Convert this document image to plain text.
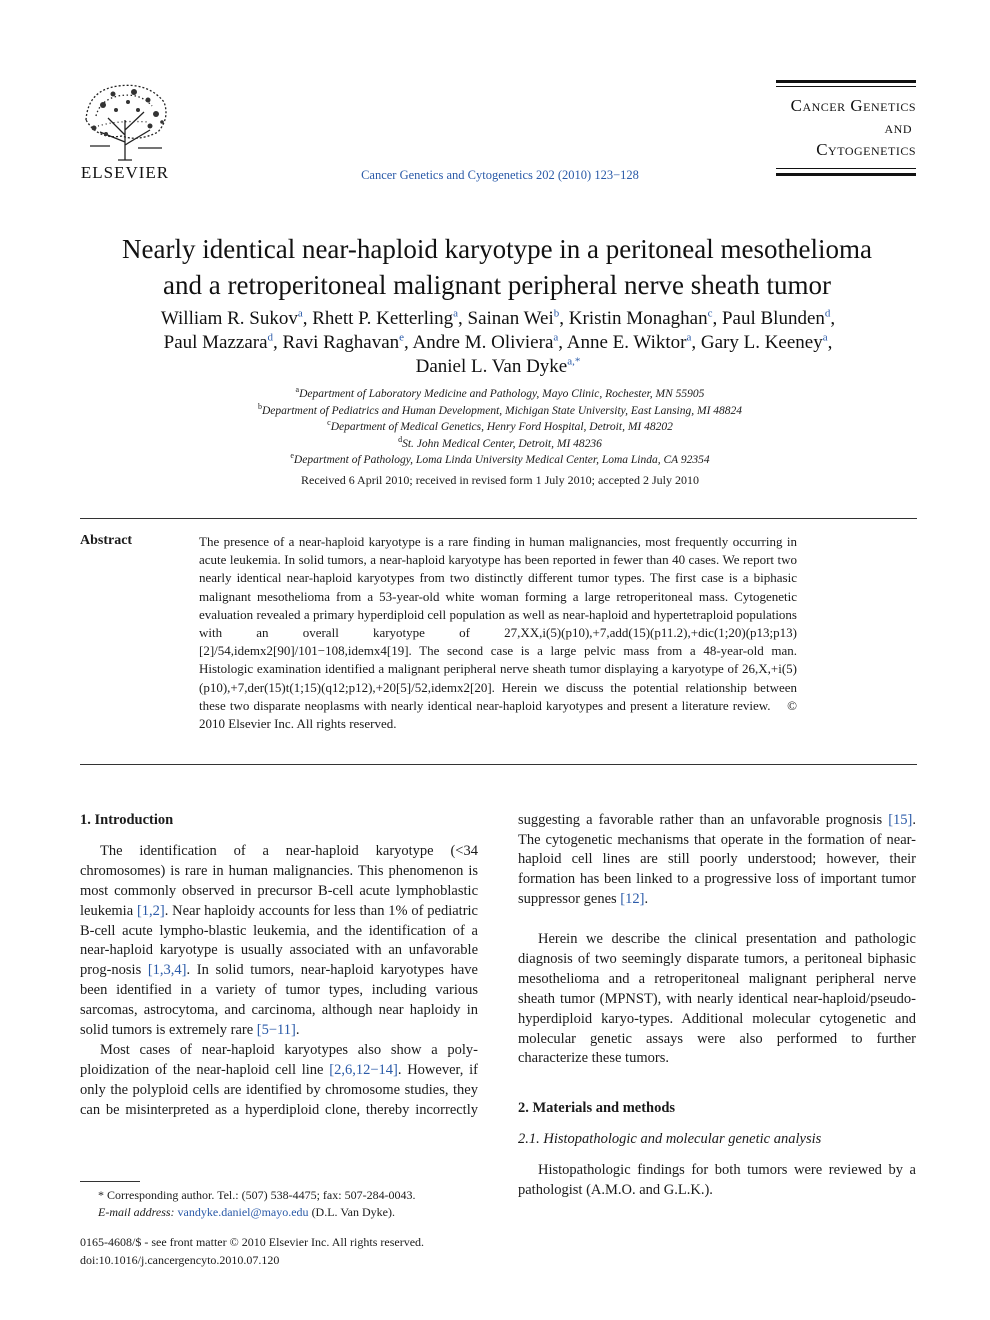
ELSEVIER	Cancer Genetics and Cytogenetics 202 (2010) 123−128
Cancer Genetics
and
Cytogenetics
Nearly identical near-haploid karyotype in a peritoneal mesothelioma
and a retroperitoneal malignant peripheral nerve sheath tumor
William R. Sukov$^a$, Rhett P. Ketterling$^a$, Sainan Wei$^b$, Kristin Monaghan$^c$, Paul Blunden$^d$,
Paul Mazzara$^d$, Ravi Raghavan$^e$, Andre M. Oliviera$^a$, Anne E. Wiktor$^a$, Gary L. Keeney$^a$,
Daniel L. Van Dyke$^{a,*}$
$^a$Department of Laboratory Medicine and Pathology, Mayo Clinic, Rochester, MN 55905
$^b$Department of Pediatrics and Human Development, Michigan State University, East Lansing, MI 48824
$^c$Department of Medical Genetics, Henry Ford Hospital, Detroit, MI 48202
$^d$St. John Medical Center, Detroit, MI 48236
$^e$Department of Pathology, Loma Linda University Medical Center, Loma Linda, CA 92354
Received 6 April 2010; received in revised form 1 July 2010; accepted 2 July 2010
Abstract	The presence of a near-haploid karyotype is a rare finding in human malignancies, most frequently occurring in acute leukemia. In solid tumors, a near-haploid karyotype has been reported in fewer than 40 cases. We report two nearly identical near-haploid karyotypes from two distinctly different tumor types. The first case is a biphasic malignant mesothelioma from a 53-year-old white woman forming a large retroperitoneal mass. Cytogenetic evaluation revealed a primary hyperdiploid cell population as well as near-haploid and hypertetraploid populations with an overall karyotype of 27,XX,i(5)(p10),+7,add(15)(p11.2),+dic(1;20)(p13;p13)[2]/54,idemx2[90]/101−108,idemx4[19]. The second case is a large pelvic mass from a 48-year-old man. Histologic examination identified a malignant peripheral nerve sheath tumor displaying a karyotype of 26,X,+i(5)(p10),+7,der(15)t(1;15)(q12;p12),+20[5]/52,idemx2[20]. Herein we discuss the potential relationship between these two disparate neoplasms with nearly identical near-haploid karyotypes and present a literature review. © 2010 Elsevier Inc. All rights reserved.

1. Introduction

The identification of a near-haploid karyotype (<34 chromosomes) is rare in human malignancies. This phenomenon is most commonly observed in precursor B-cell acute lymphoblastic leukemia [1,2]. Near haploidy accounts for less than 1% of pediatric B-cell acute lympho-blastic leukemia, and the identification of a near-haploid karyotype is usually associated with an unfavorable prog-nosis [1,3,4]. In solid tumors, near-haploid karyotypes have been identified in a variety of tumor types, including various sarcomas, astrocytoma, and carcinoma, although near haploidy in solid tumors is extremely rare [5−11].

Most cases of near-haploid karyotypes also show a poly-ploidization of the near-haploid cell line [2,6,12−14]. However, if only the polyploid cells are identified by chromosome studies, they can be misinterpreted as a hyperdiploid clone, thereby incorrectly

suggesting a favorable rather than an unfavorable prognosis [15]. The cytogenetic mechanisms that operate in the formation of near-haploid cell lines are still poorly understood; however, their formation has been linked to a progressive loss of important tumor suppressor genes [12].

Herein we describe the clinical presentation and pathologic diagnosis of two seemingly disparate tumors, a peritoneal biphasic mesothelioma and a retroperitoneal malignant peripheral nerve sheath tumor (MPNST), with nearly identical near-haploid/pseudo-hyperdiploid karyo-types. Additional molecular cytogenetic and molecular genetic assays were also performed to further characterize these tumors.

2. Materials and methods

2.1. Histopathologic and molecular genetic analysis

Histopathologic findings for both tumors were reviewed by a pathologist (A.M.O. and G.L.K.).

* Corresponding author. Tel.: (507) 538-4475; fax: 507-284-0043.
E-mail address: vandyke.daniel@mayo.edu (D.L. Van Dyke).
0165-4608/$ - see front matter © 2010 Elsevier Inc. All rights reserved.
doi:10.1016/j.cancergencyto.2010.07.120
